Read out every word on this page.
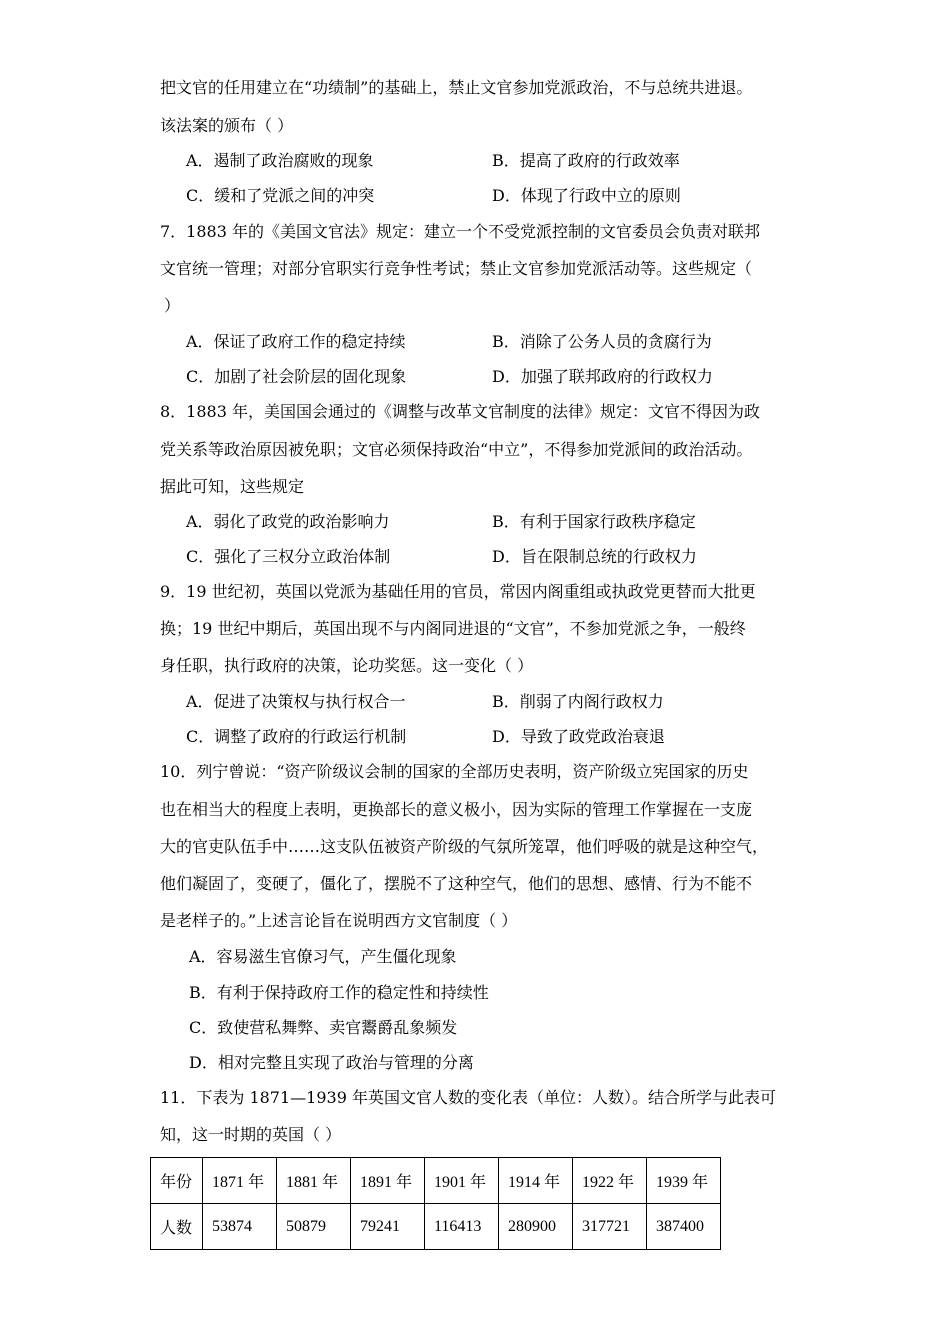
把文官的任用建立在“功绩制”的基础上，禁止文官参加党派政治，不与总统共进退。
该法案的颁布（ ）
A．遏制了政治腐败的现象	B．提高了政府的行政效率
C．缓和了党派之间的冲突	D．体现了行政中立的原则
7．1883 年的《美国文官法》规定：建立一个不受党派控制的文官委员会负责对联邦
文官统一管理；对部分官职实行竞争性考试；禁止文官参加党派活动等。这些规定（
）
A．保证了政府工作的稳定持续	B．消除了公务人员的贪腐行为
C．加剧了社会阶层的固化现象	D．加强了联邦政府的行政权力
8．1883 年，美国国会通过的《调整与改革文官制度的法律》规定：文官不得因为政
党关系等政治原因被免职；文官必须保持政治“中立”，不得参加党派间的政治活动。
据此可知，这些规定
A．弱化了政党的政治影响力	B．有利于国家行政秩序稳定
C．强化了三权分立政治体制	D．旨在限制总统的行政权力
9．19 世纪初，英国以党派为基础任用的官员，常因内阁重组或执政党更替而大批更
换；19 世纪中期后，英国出现不与内阁同进退的“文官”，不参加党派之争，一般终
身任职，执行政府的决策，论功奖惩。这一变化（ ）
A．促进了决策权与执行权合一	B．削弱了内阁行政权力
C．调整了政府的行政运行机制	D．导致了政党政治衰退
10．列宁曾说：“资产阶级议会制的国家的全部历史表明，资产阶级立宪国家的历史
也在相当大的程度上表明，更换部长的意义极小，因为实际的管理工作掌握在一支庞
大的官吏队伍手中……这支队伍被资产阶级的气氛所笼罩，他们呼吸的就是这种空气，
他们凝固了，变硬了，僵化了，摆脱不了这种空气，他们的思想、感情、行为不能不
是老样子的。”上述言论旨在说明西方文官制度（ ）
A．容易滋生官僚习气，产生僵化现象
B．有利于保持政府工作的稳定性和持续性
C．致使营私舞弊、卖官鬻爵乱象频发
D．相对完整且实现了政治与管理的分离
11．下表为 1871—1939 年英国文官人数的变化表（单位：人数）。结合所学与此表可
知，这一时期的英国（ ）
年份	1871 年	1881 年	1891 年	1901 年	1914 年	1922 年	1939 年
人数	53874	50879	79241	116413	280900	317721	387400
